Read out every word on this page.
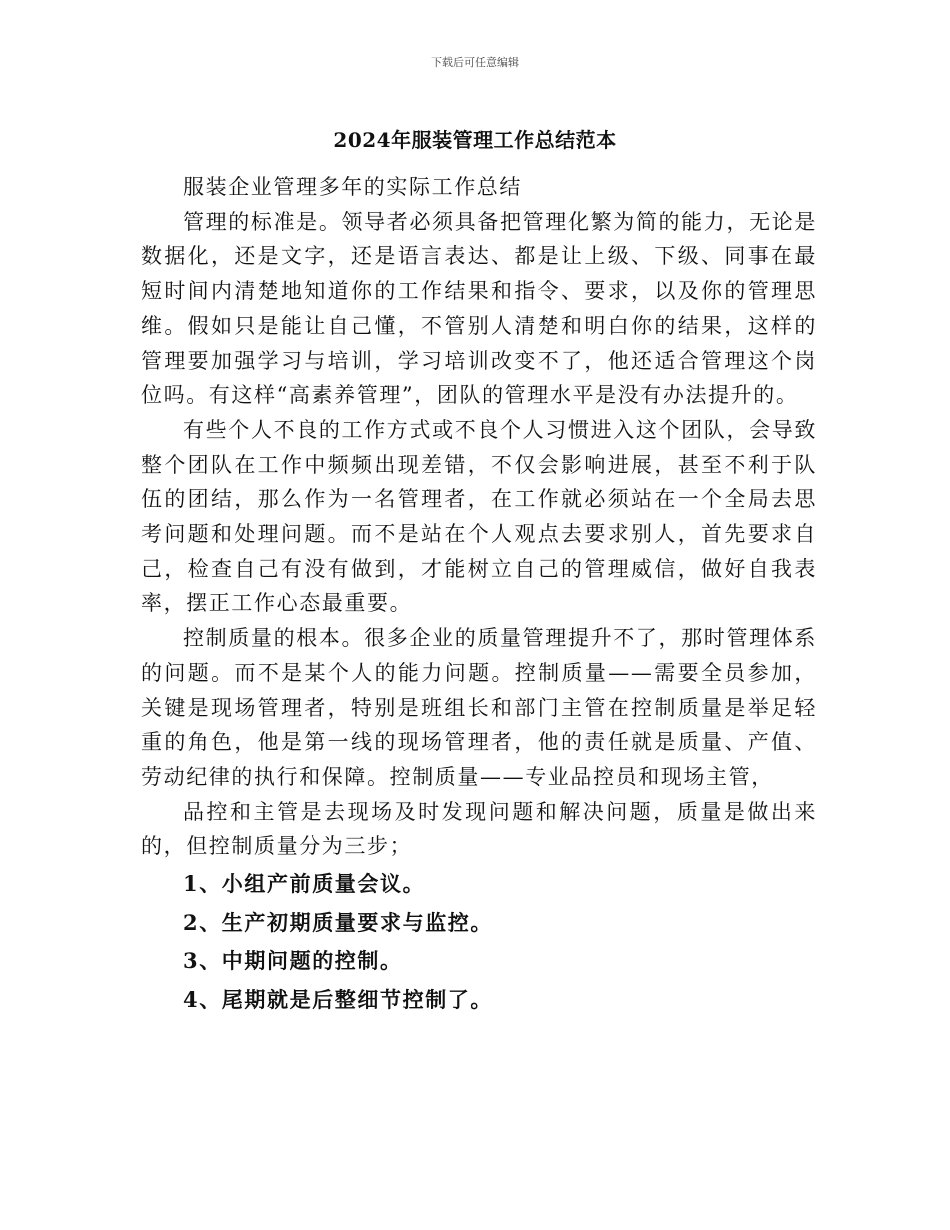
下载后可任意编辑
2024年服装管理工作总结范本

服装企业管理多年的实际工作总结

管理的标准是。领导者必须具备把管理化繁为简的能力，无论是数据化，还是文字，还是语言表达、都是让上级、下级、同事在最短时间内清楚地知道你的工作结果和指令、要求，以及你的管理思维。假如只是能让自己懂，不管别人清楚和明白你的结果，这样的管理要加强学习与培训，学习培训改变不了，他还适合管理这个岗位吗。有这样“高素养管理”，团队的管理水平是没有办法提升的。

有些个人不良的工作方式或不良个人习惯进入这个团队，会导致整个团队在工作中频频出现差错，不仅会影响进展，甚至不利于队伍的团结，那么作为一名管理者，在工作就必须站在一个全局去思考问题和处理问题。而不是站在个人观点去要求别人，首先要求自己，检查自己有没有做到，才能树立自己的管理威信，做好自我表率，摆正工作心态最重要。

控制质量的根本。很多企业的质量管理提升不了，那时管理体系的问题。而不是某个人的能力问题。控制质量——需要全员参加，关键是现场管理者，特别是班组长和部门主管在控制质量是举足轻重的角色，他是第一线的现场管理者，他的责任就是质量、产值、劳动纪律的执行和保障。控制质量——专业品控员和现场主管，

品控和主管是去现场及时发现问题和解决问题，质量是做出来的，但控制质量分为三步；

1、小组产前质量会议。

2、生产初期质量要求与监控。

3、中期问题的控制。

4、尾期就是后整细节控制了。
